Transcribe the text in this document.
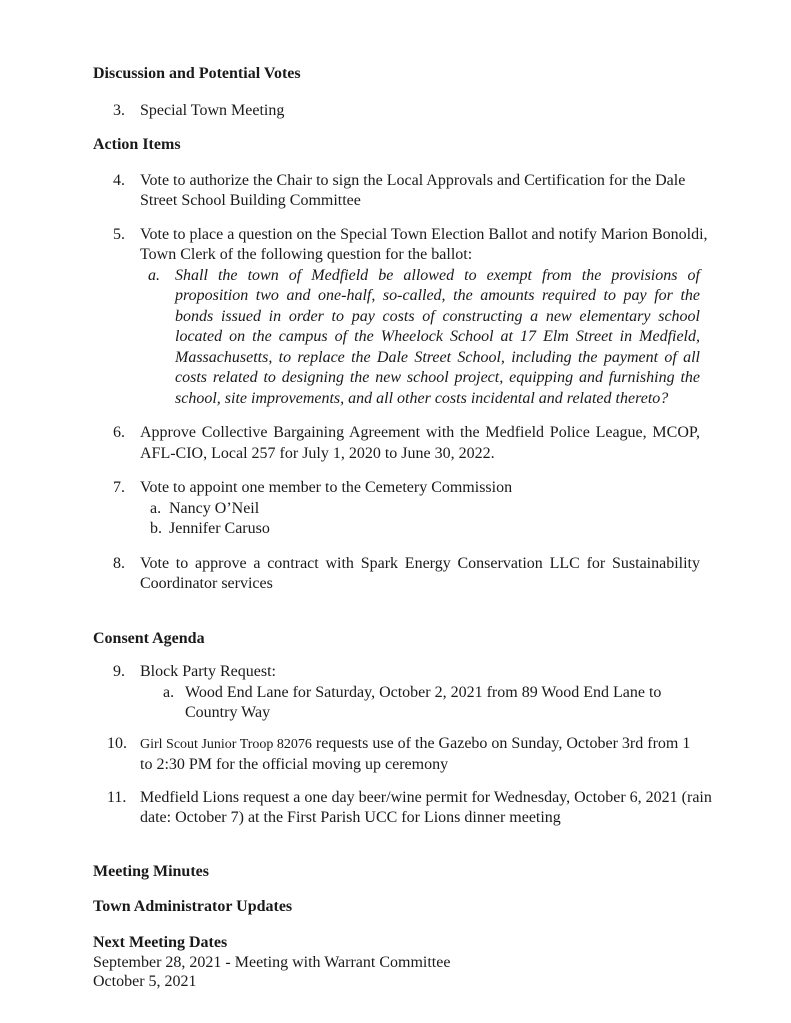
Discussion and Potential Votes
3. Special Town Meeting
Action Items
4. Vote to authorize the Chair to sign the Local Approvals and Certification for the Dale
Street School Building Committee
5. Vote to place a question on the Special Town Election Ballot and notify Marion Bonoldi,
Town Clerk of the following question for the ballot:
a. Shall the town of Medfield be allowed to exempt from the provisions of
proposition two and one-half, so-called, the amounts required to pay for the
bonds issued in order to pay costs of constructing a new elementary school
located on the campus of the Wheelock School at 17 Elm Street in Medfield,
Massachusetts, to replace the Dale Street School, including the payment of all
costs related to designing the new school project, equipping and furnishing the
school, site improvements, and all other costs incidental and related thereto?
6. Approve Collective Bargaining Agreement with the Medfield Police League, MCOP,
AFL-CIO, Local 257 for July 1, 2020 to June 30, 2022.
7. Vote to appoint one member to the Cemetery Commission
a. Nancy O’Neil
b. Jennifer Caruso
8. Vote to approve a contract with Spark Energy Conservation LLC for Sustainability
Coordinator services
Consent Agenda
9. Block Party Request:
a. Wood End Lane for Saturday, October 2, 2021 from 89 Wood End Lane to
Country Way
10. Girl Scout Junior Troop 82076 requests use of the Gazebo on Sunday, October 3rd from 1
to 2:30 PM for the official moving up ceremony
11. Medfield Lions request a one day beer/wine permit for Wednesday, October 6, 2021 (rain
date: October 7) at the First Parish UCC for Lions dinner meeting
Meeting Minutes
Town Administrator Updates
Next Meeting Dates
September 28, 2021 - Meeting with Warrant Committee
October 5, 2021
